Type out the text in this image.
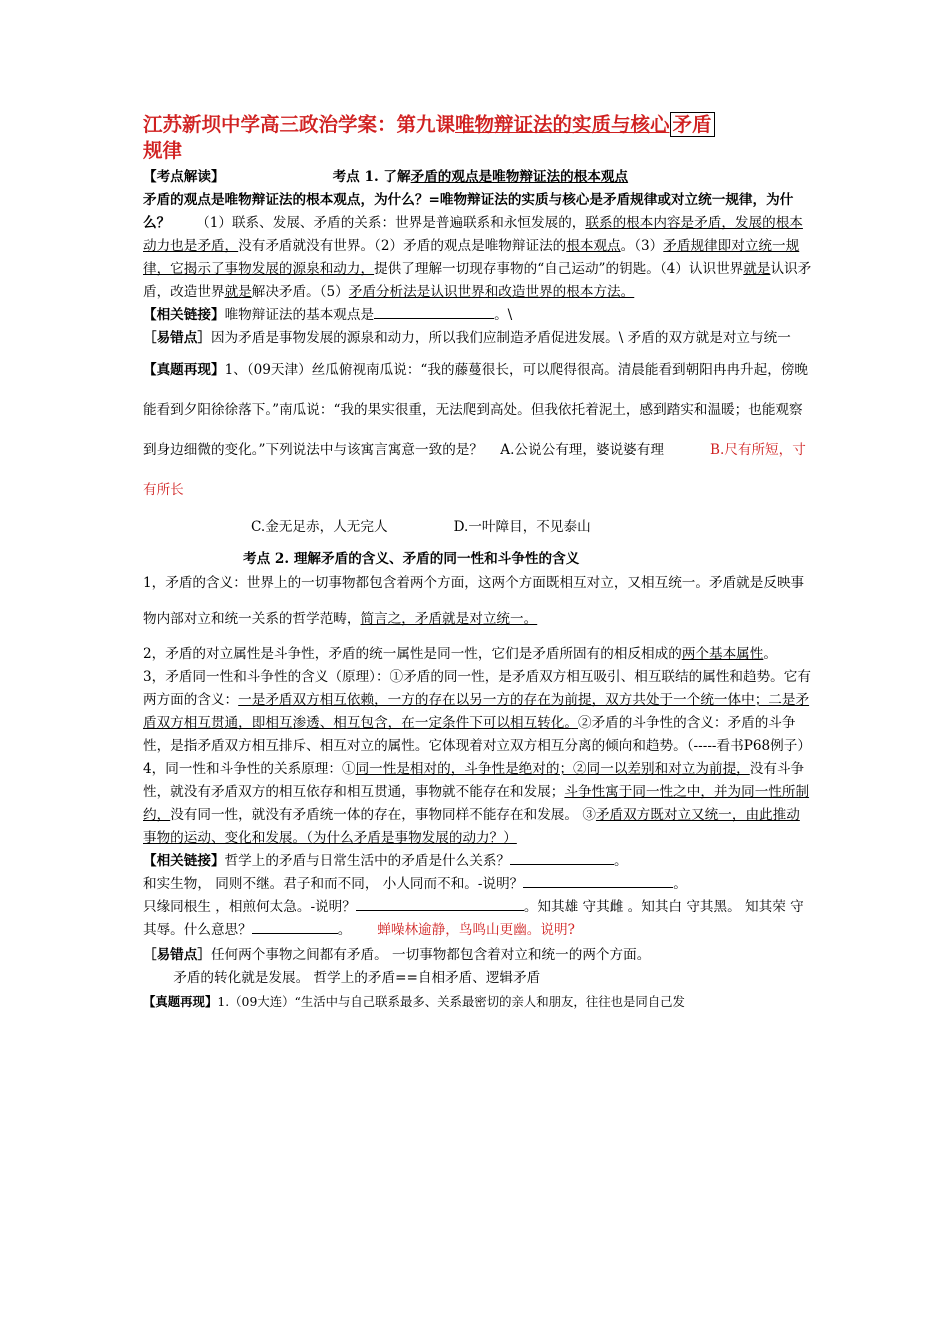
江苏新坝中学高三政治学案：第九课唯物辩证法的实质与核心 矛盾
规律

【考点解读】	考点 1. 了解矛盾的观点是唯物辩证法的根本观点

矛盾的观点是唯物辩证法的根本观点，为什么？=唯物辩证法的实质与核心是矛盾规律或对立统一规律，为什么？ （1）联系、发展、矛盾的关系：世界是普遍联系和永恒发展的，联系的根本内容是矛盾，发展的根本动力也是矛盾，没有矛盾就没有世界。（2）矛盾的观点是唯物辩证法的根本观点。（3）矛盾规律即对立统一规律，它揭示了事物发展的源泉和动力，提供了理解一切现存事物的“自己运动”的钥匙。（4）认识世界就是认识矛盾，改造世界就是解决矛盾。（5）矛盾分析法是认识世界和改造世界的根本方法。

【相关链接】唯物辩证法的基本观点是	。\

［易错点］因为矛盾是事物发展的源泉和动力，所以我们应制造矛盾促进发展。\ 矛盾的双方就是对立与统一

【真题再现】1、（09天津）丝瓜俯视南瓜说：“我的藤蔓很长，可以爬得很高。清晨能看到朝阳冉冉升起，傍晚能看到夕阳徐徐落下。”南瓜说：“我的果实很重，无法爬到高处。但我依托着泥土，感到踏实和温暖；也能观察到身边细微的变化。”下列说法中与该寓言寓意一致的是？ A.公说公有理，婆说婆有理	B.尺有所短，寸有所长

C.金无足赤，人无完人	D.一叶障目，不见泰山

考点 2. 理解矛盾的含义、矛盾的同一性和斗争性的含义

1，矛盾的含义：世界上的一切事物都包含着两个方面，这两个方面既相互对立，又相互统一。矛盾就是反映事物内部对立和统一关系的哲学范畴，简言之，矛盾就是对立统一。

2，矛盾的对立属性是斗争性，矛盾的统一属性是同一性，它们是矛盾所固有的相反相成的两个基本属性。

3，矛盾同一性和斗争性的含义（原理）：①矛盾的同一性，是矛盾双方相互吸引、相互联结的属性和趋势。它有两方面的含义：一是矛盾双方相互依赖，一方的存在以另一方的存在为前提，双方共处于一个统一体中；二是矛盾双方相互贯通，即相互渗透、相互包含，在一定条件下可以相互转化。②矛盾的斗争性的含义：矛盾的斗争性，是指矛盾双方相互排斥、相互对立的属性。它体现着对立双方相互分离的倾向和趋势。（-----看书P68例子）

4，同一性和斗争性的关系原理：①同一性是相对的，斗争性是绝对的；②同一以差别和对立为前提，没有斗争性，就没有矛盾双方的相互依存和相互贯通，事物就不能存在和发展；斗争性寓于同一性之中，并为同一性所制约，没有同一性，就没有矛盾统一体的存在，事物同样不能存在和发展。 ③矛盾双方既对立又统一，由此推动事物的运动、变化和发展。（为什么矛盾是事物发展的动力？）

【相关链接】哲学上的矛盾与日常生活中的矛盾是什么关系？	。
和实生物， 同则不继。君子和而不同， 小人同而不和。-说明？	。
只缘同根生 ，相煎何太急。-说明？	。知其雄 守其雌 。知其白 守其黑。 知其荣 守其辱。什么意思？	。 蝉噪林逾静，鸟鸣山更幽。说明?

［易错点］任何两个事物之间都有矛盾。 一切事物都包含着对立和统一的两个方面。
矛盾的转化就是发展。 哲学上的矛盾==自相矛盾、逻辑矛盾

【真题再现】1.（09大连）“生活中与自己联系最多、关系最密切的亲人和朋友，往往也是同自己发
